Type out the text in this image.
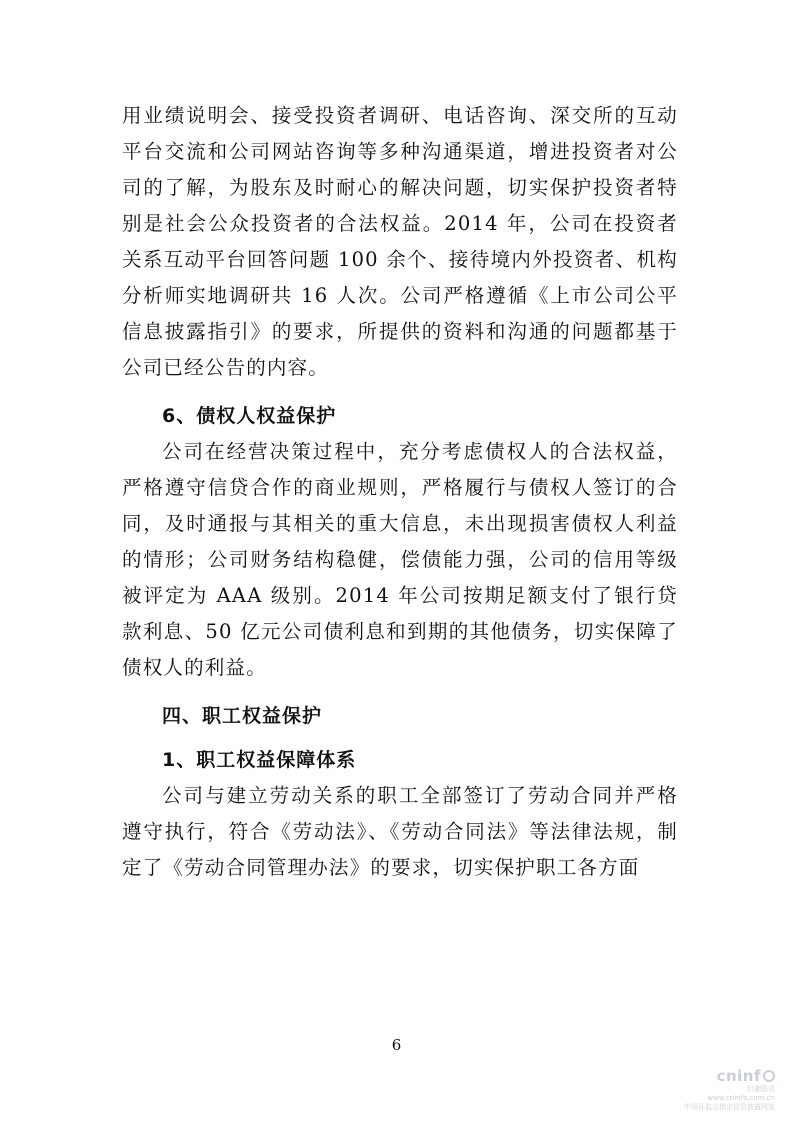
用业绩说明会、接受投资者调研、电话咨询、深交所的互动平台交流和公司网站咨询等多种沟通渠道，增进投资者对公司的了解，为股东及时耐心的解决问题，切实保护投资者特别是社会公众投资者的合法权益。2014 年，公司在投资者关系互动平台回答问题 100 余个、接待境内外投资者、机构分析师实地调研共 16 人次。公司严格遵循《上市公司公平信息披露指引》的要求，所提供的资料和沟通的问题都基于公司已经公告的内容。

6、债权人权益保护

公司在经营决策过程中，充分考虑债权人的合法权益，严格遵守信贷合作的商业规则，严格履行与债权人签订的合同，及时通报与其相关的重大信息，未出现损害债权人利益的情形；公司财务结构稳健，偿债能力强，公司的信用等级被评定为 AAA 级别。2014 年公司按期足额支付了银行贷款利息、50 亿元公司债利息和到期的其他债务，切实保障了债权人的利益。

四、职工权益保护

1、职工权益保障体系

公司与建立劳动关系的职工全部签订了劳动合同并严格遵守执行，符合《劳动法》、《劳动合同法》等法律法规，制定了《劳动合同管理办法》的要求，切实保护职工各方面

6
cninf
巨潮资讯
www.cninfo.com.cn
中国证监会指定信息披露网站
